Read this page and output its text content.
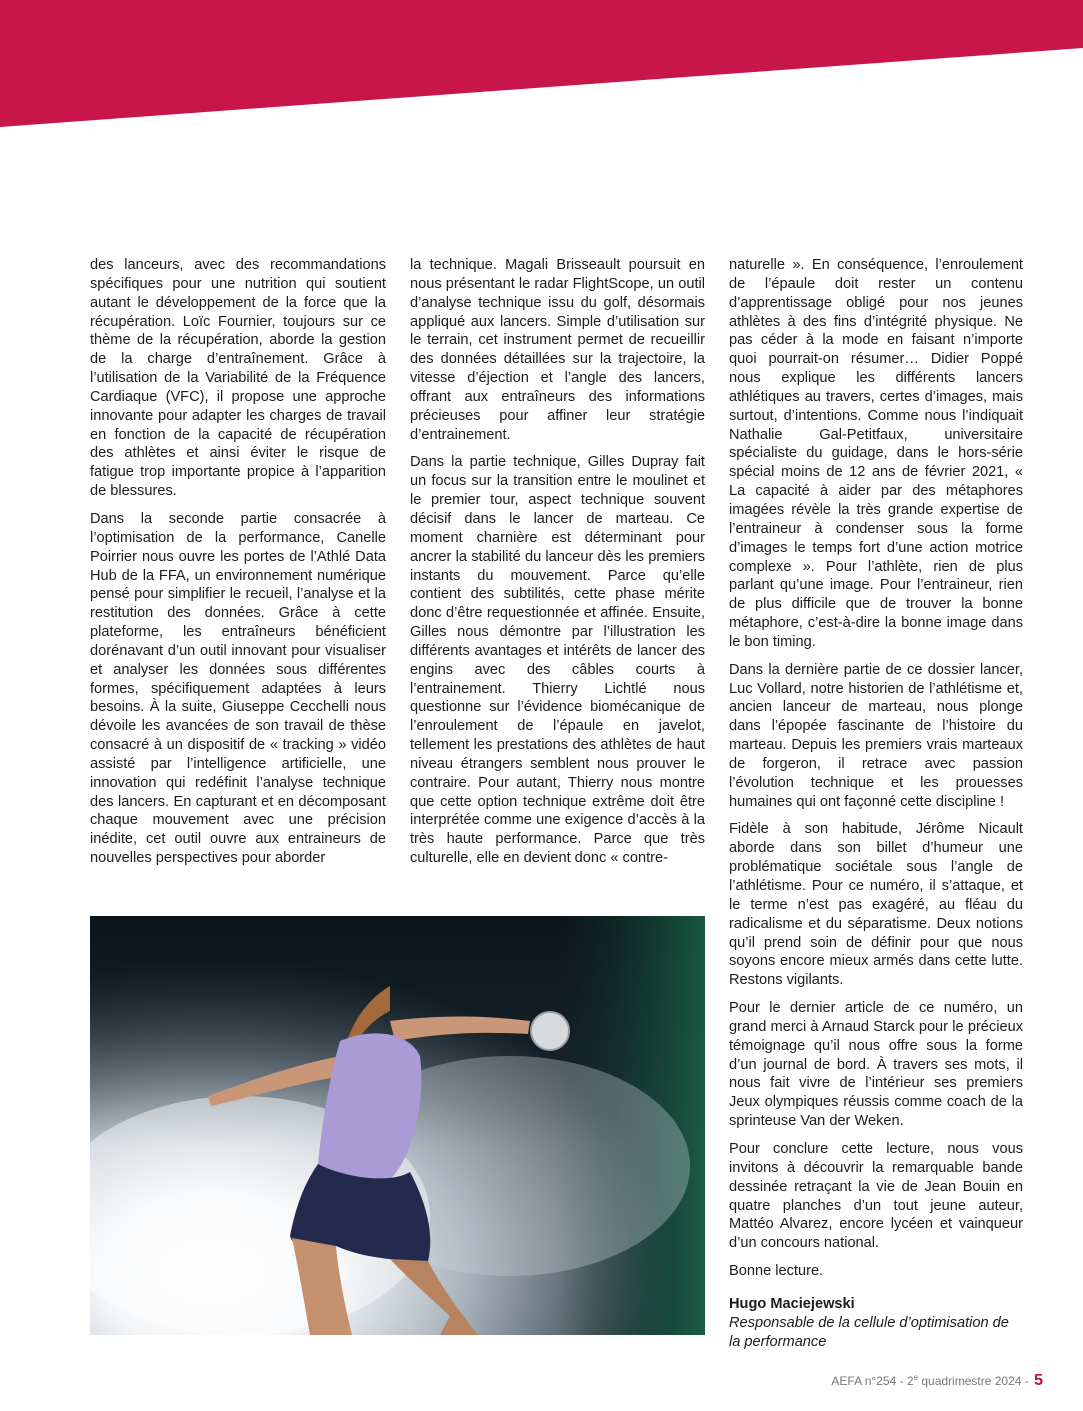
des lanceurs, avec des recommandations spécifiques pour une nutrition qui soutient autant le développement de la force que la récupération. Loïc Fournier, toujours sur ce thème de la récupération, aborde la gestion de la charge d’entraînement. Grâce à l’utilisation de la Variabilité de la Fréquence Cardiaque (VFC), il propose une approche innovante pour adapter les charges de travail en fonction de la capacité de récupération des athlètes et ainsi éviter le risque de fatigue trop importante propice à l’apparition de blessures.

Dans la seconde partie consacrée à l’optimisation de la performance, Canelle Poirrier nous ouvre les portes de l’Athlé Data Hub de la FFA, un environnement numérique pensé pour simplifier le recueil, l’analyse et la restitution des données. Grâce à cette plateforme, les entraîneurs bénéficient dorénavant d’un outil innovant pour visualiser et analyser les données sous différentes formes, spécifiquement adaptées à leurs besoins. À la suite, Giuseppe Cecchelli nous dévoile les avancées de son travail de thèse consacré à un dispositif de « tracking » vidéo assisté par l’intelligence artificielle, une innovation qui redéfinit l’analyse technique des lancers. En capturant et en décomposant chaque mouvement avec une précision inédite, cet outil ouvre aux entraineurs de nouvelles perspectives pour aborder

la technique. Magali Brisseault poursuit en nous présentant le radar FlightScope, un outil d’analyse technique issu du golf, désormais appliqué aux lancers. Simple d’utilisation sur le terrain, cet instrument permet de recueillir des données détaillées sur la trajectoire, la vitesse d’éjection et l’angle des lancers, offrant aux entraîneurs des informations précieuses pour affiner leur stratégie d’entrainement.

Dans la partie technique, Gilles Dupray fait un focus sur la transition entre le moulinet et le premier tour, aspect technique souvent décisif dans le lancer de marteau. Ce moment charnière est déterminant pour ancrer la stabilité du lanceur dès les premiers instants du mouvement. Parce qu’elle contient des subtilités, cette phase mérite donc d’être requestionnée et affinée. Ensuite, Gilles nous démontre par l’illustration les différents avantages et intérêts de lancer des engins avec des câbles courts à l’entrainement. Thierry Lichtlé nous questionne sur l’évidence biomécanique de l’enroulement de l’épaule en javelot, tellement les prestations des athlètes de haut niveau étrangers semblent nous prouver le contraire. Pour autant, Thierry nous montre que cette option technique extrême doit être interprétée comme une exigence d’accès à la très haute performance. Parce que très culturelle, elle en devient donc « contre-

naturelle ». En conséquence, l’enroulement de l’épaule doit rester un contenu d’apprentissage obligé pour nos jeunes athlètes à des fins d’intégrité physique. Ne pas céder à la mode en faisant n’importe quoi pourrait-on résumer… Didier Poppé nous explique les différents lancers athlétiques au travers, certes d’images, mais surtout, d’intentions. Comme nous l’indiquait Nathalie Gal-Petitfaux, universitaire spécialiste du guidage, dans le hors-série spécial moins de 12 ans de février 2021, « La capacité à aider par des métaphores imagées révèle la très grande expertise de l’entraineur à condenser sous la forme d’images le temps fort d’une action motrice complexe ». Pour l’athlète, rien de plus parlant qu’une image. Pour l’entraineur, rien de plus difficile que de trouver la bonne métaphore, c’est-à-dire la bonne image dans le bon timing.

Dans la dernière partie de ce dossier lancer, Luc Vollard, notre historien de l’athlétisme et, ancien lanceur de marteau, nous plonge dans l’épopée fascinante de l’histoire du marteau. Depuis les premiers vrais marteaux de forgeron, il retrace avec passion l’évolution technique et les prouesses humaines qui ont façonné cette discipline !

Fidèle à son habitude, Jérôme Nicault aborde dans son billet d’humeur une problématique sociétale sous l’angle de l’athlétisme. Pour ce numéro, il s’attaque, et le terme n’est pas exagéré, au fléau du radicalisme et du séparatisme. Deux notions qu’il prend soin de définir pour que nous soyons encore mieux armés dans cette lutte. Restons vigilants.

Pour le dernier article de ce numéro, un grand merci à Arnaud Starck pour le précieux témoignage qu’il nous offre sous la forme d’un journal de bord. À travers ses mots, il nous fait vivre de l’intérieur ses premiers Jeux olympiques réussis comme coach de la sprinteuse Van der Weken.

Pour conclure cette lecture, nous vous invitons à découvrir la remarquable bande dessinée retraçant la vie de Jean Bouin en quatre planches d’un tout jeune auteur, Mattéo Alvarez, encore lycéen et vainqueur d’un concours national.

Bonne lecture.

Hugo Maciejewski
Responsable de la cellule d’optimisation de la performance
AEFA n°254 - 2e quadrimestre 2024 - 5
